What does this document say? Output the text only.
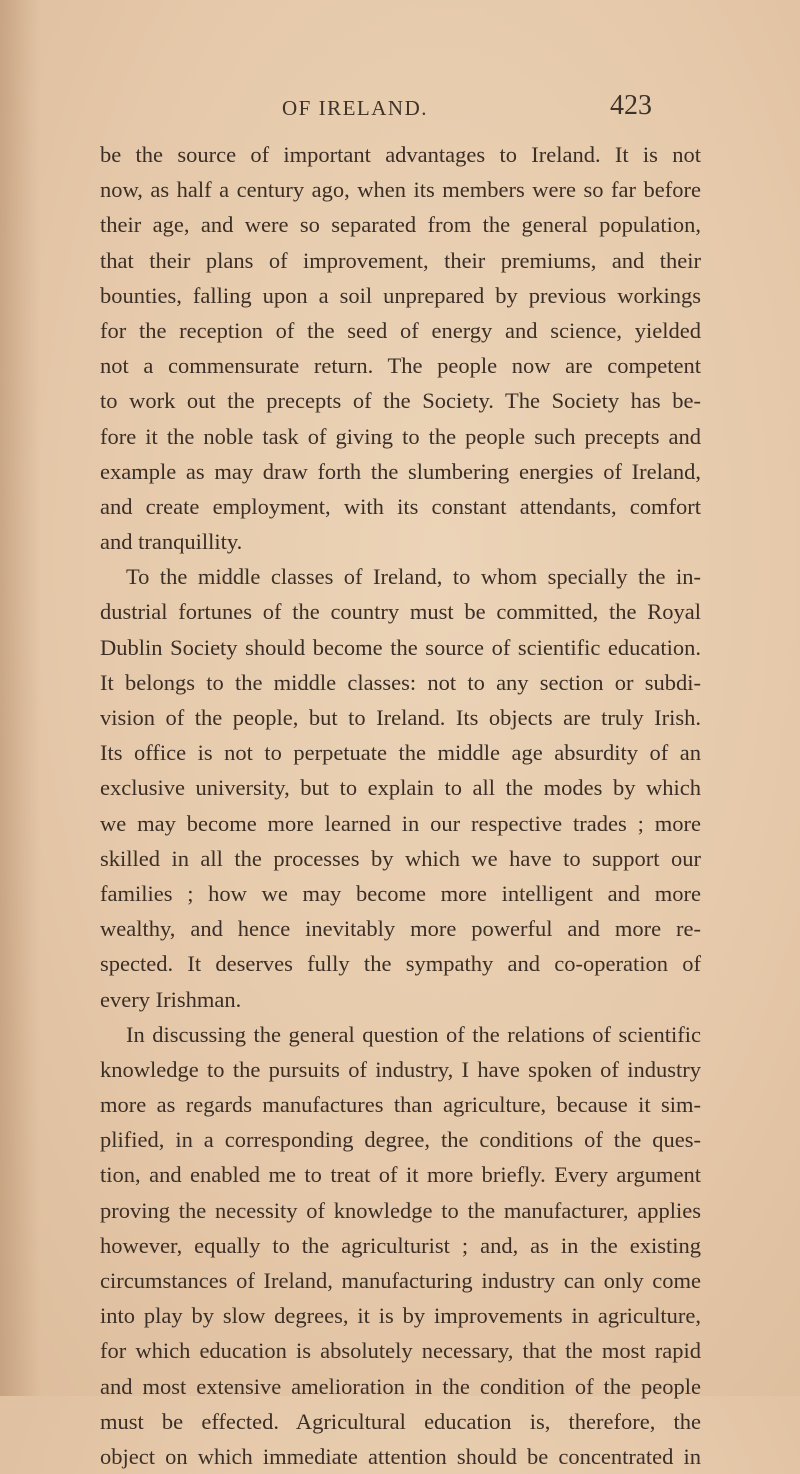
OF IRELAND.	423
be the source of important advantages to Ireland. It is not
now, as half a century ago, when its members were so far before
their age, and were so separated from the general population,
that their plans of improvement, their premiums, and their
bounties, falling upon a soil unprepared by previous workings
for the reception of the seed of energy and science, yielded
not a commensurate return. The people now are competent
to work out the precepts of the Society. The Society has be-
fore it the noble task of giving to the people such precepts and
example as may draw forth the slumbering energies of Ireland,
and create employment, with its constant attendants, comfort
and tranquillity.
To the middle classes of Ireland, to whom specially the in-
dustrial fortunes of the country must be committed, the Royal
Dublin Society should become the source of scientific education.
It belongs to the middle classes: not to any section or subdi-
vision of the people, but to Ireland. Its objects are truly Irish.
Its office is not to perpetuate the middle age absurdity of an
exclusive university, but to explain to all the modes by which
we may become more learned in our respective trades ; more
skilled in all the processes by which we have to support our
families ; how we may become more intelligent and more
wealthy, and hence inevitably more powerful and more re-
spected. It deserves fully the sympathy and co-operation of
every Irishman.
In discussing the general question of the relations of scientific
knowledge to the pursuits of industry, I have spoken of industry
more as regards manufactures than agriculture, because it sim-
plified, in a corresponding degree, the conditions of the ques-
tion, and enabled me to treat of it more briefly. Every argument
proving the necessity of knowledge to the manufacturer, applies
however, equally to the agriculturist ; and, as in the existing
circumstances of Ireland, manufacturing industry can only come
into play by slow degrees, it is by improvements in agriculture,
for which education is absolutely necessary, that the most rapid
and most extensive amelioration in the condition of the people
must be effected. Agricultural education is, therefore, the
object on which immediate attention should be concentrated in
